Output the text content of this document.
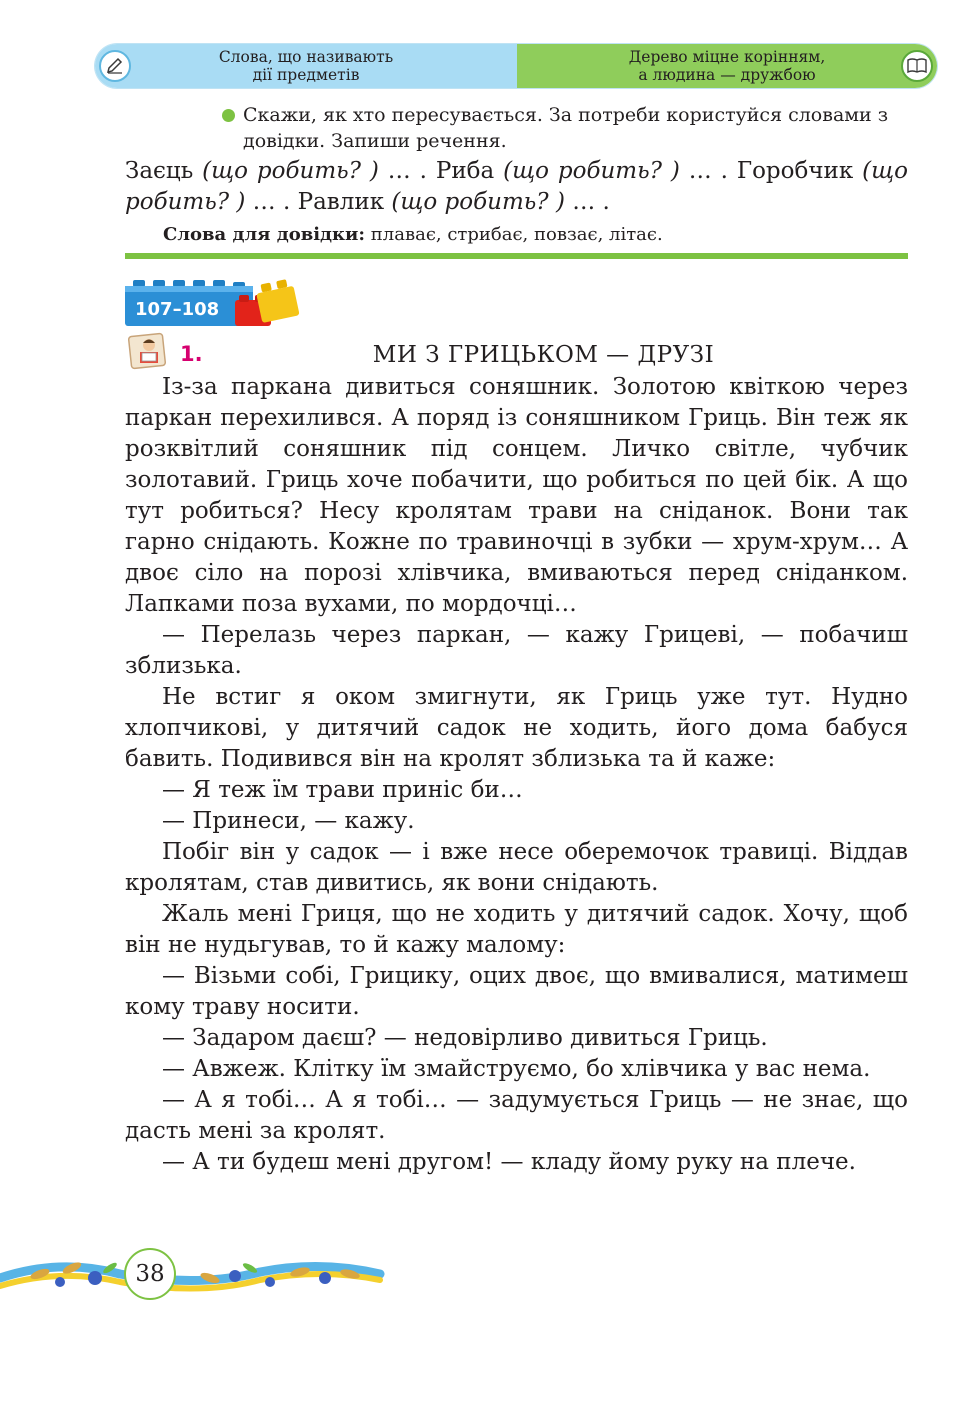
Слова, що називають
дії предметів
Дерево міцне корінням,
а людина — дружбою
Скажи, як хто пересувається. За потреби користуйся словами з довідки. Запиши речення.
Заєць (що робить? ) … . Риба (що робить? ) … . Горобчик (що робить? ) … . Равлик (що робить? ) … .
Слова для довідки: плаває, стрибає, повзає, літає.
107–108
1.	МИ З ГРИЦЬКОМ — ДРУЗІ

Із-за паркана дивиться соняшник. Золотою квіткою через паркан перехилився. А поряд із соняшником Гриць. Він теж як розквітлий соняшник під сонцем. Личко світле, чубчик золотавий. Гриць хоче побачити, що робиться по цей бік. А що тут робиться? Несу кролятам трави на сніданок. Вони так гарно снідають. Кожне по травиночці в зубки — хрум-хрум… А двоє сіло на порозі хлівчика, вмиваються перед сніданком. Лапками поза вухами, по мордочці…

— Перелазь через паркан, — кажу Грицеві, — побачиш зблизька.

Не встиг я оком змигнути, як Гриць уже тут. Нудно хлопчикові, у дитячий садок не ходить, його дома бабуся бавить. Подивився він на кролят зблизька та й каже:

— Я теж їм трави приніс би…

— Принеси, — кажу.

Побіг він у садок — і вже несе оберемочок травиці. Віддав кролятам, став дивитись, як вони снідають.

Жаль мені Гриця, що не ходить у дитячий садок. Хочу, щоб він не нудьгував, то й кажу малому:

— Візьми собі, Грицику, оцих двоє, що вмивалися, матимеш кому траву носити.

— Задаром даєш? — недовірливо дивиться Гриць.

— Авжеж. Клітку їм змайструємо, бо хлівчика у вас нема.

— А я тобі… А я тобі… — задумується Гриць — не знає, що дасть мені за кролят.

— А ти будеш мені другом! — кладу йому руку на плече.

38
